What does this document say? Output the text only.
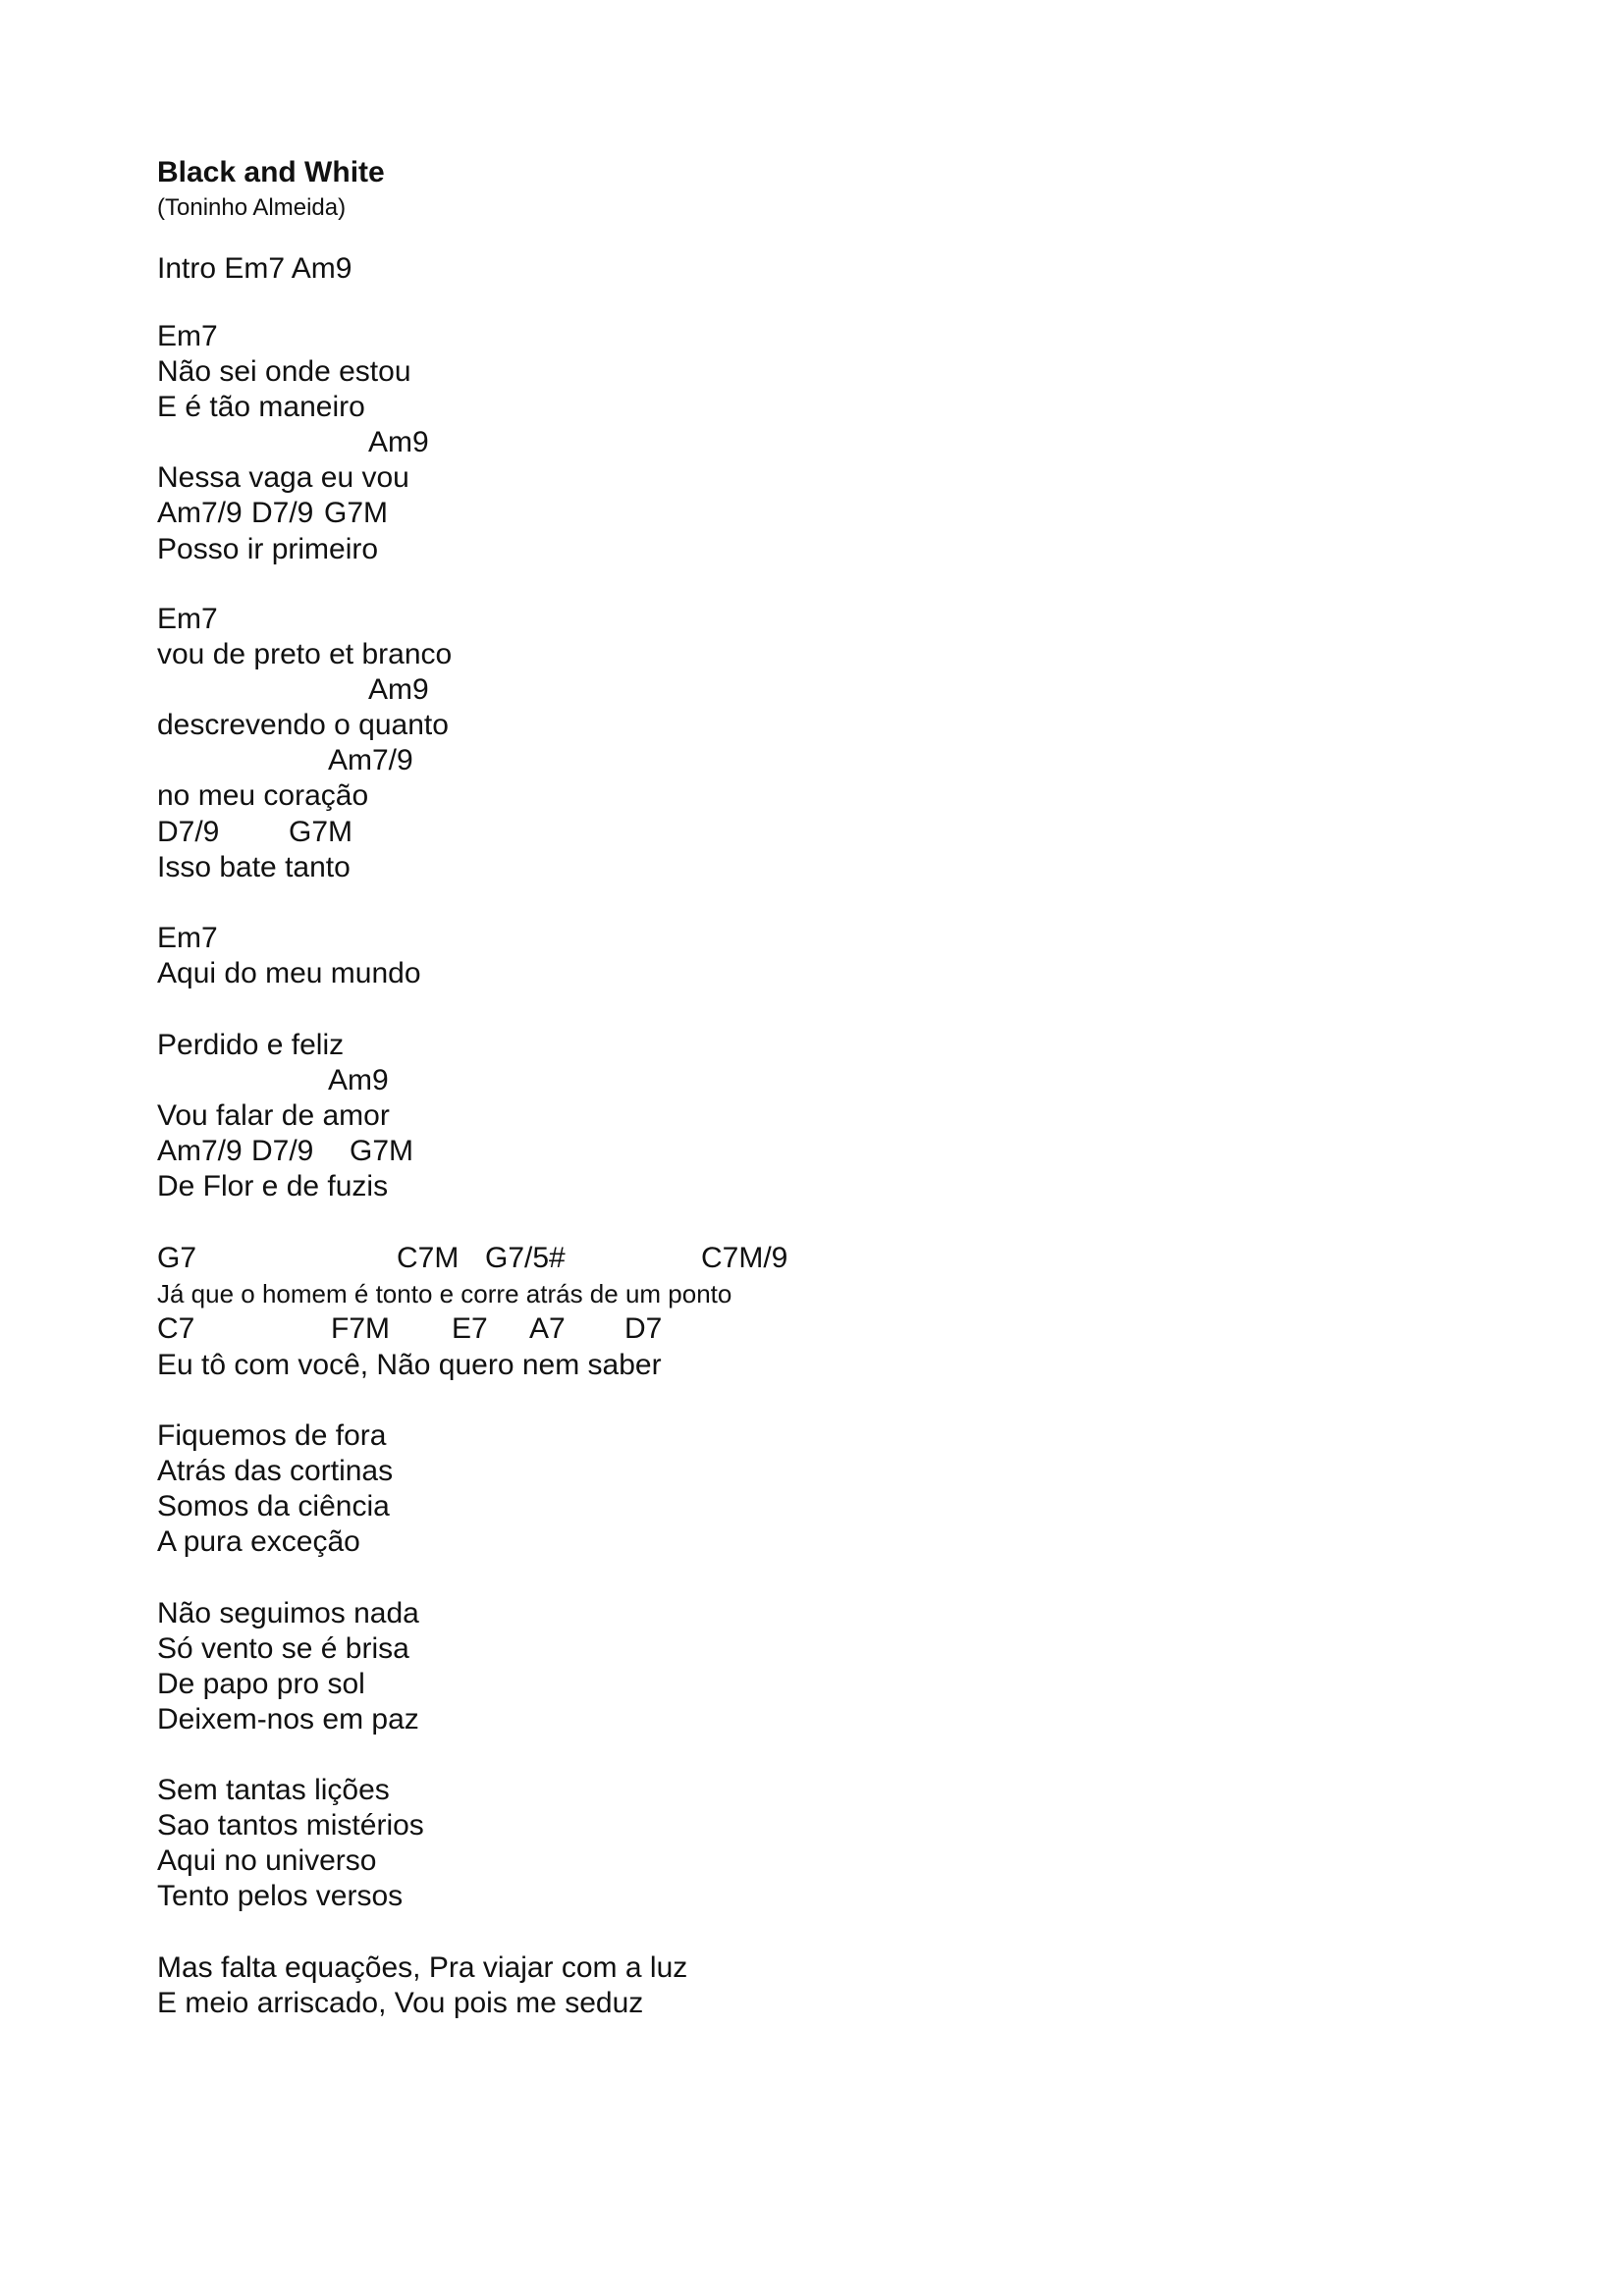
Black and White
(Toninho Almeida)
Intro Em7 Am9
Em7
Não sei onde estou
E é tão maneiro
Am9
Nessa vaga eu vou
Am7/9 D7/9 G7M
Posso ir primeiro
Em7
vou de preto et branco
Am9
descrevendo o quanto
Am7/9
no meu coração
D7/9 G7M
Isso bate tanto
Em7
Aqui do meu mundo
Perdido e feliz
Am9
Vou falar de amor
Am7/9 D7/9 G7M
De Flor e de fuzis
G7	C7M G7/5#	C7M/9
Já que o homem é tonto e corre atrás de um ponto
C7	F7M E7 A7 D7
Eu tô com você, Não quero nem saber
Fiquemos de fora
Atrás das cortinas
Somos da ciência
A pura exceção
Não seguimos nada
Só vento se é brisa
De papo pro sol
Deixem-nos em paz
Sem tantas lições
Sao tantos mistérios
Aqui no universo
Tento pelos versos
Mas falta equações, Pra viajar com a luz
E meio arriscado, Vou pois me seduz
